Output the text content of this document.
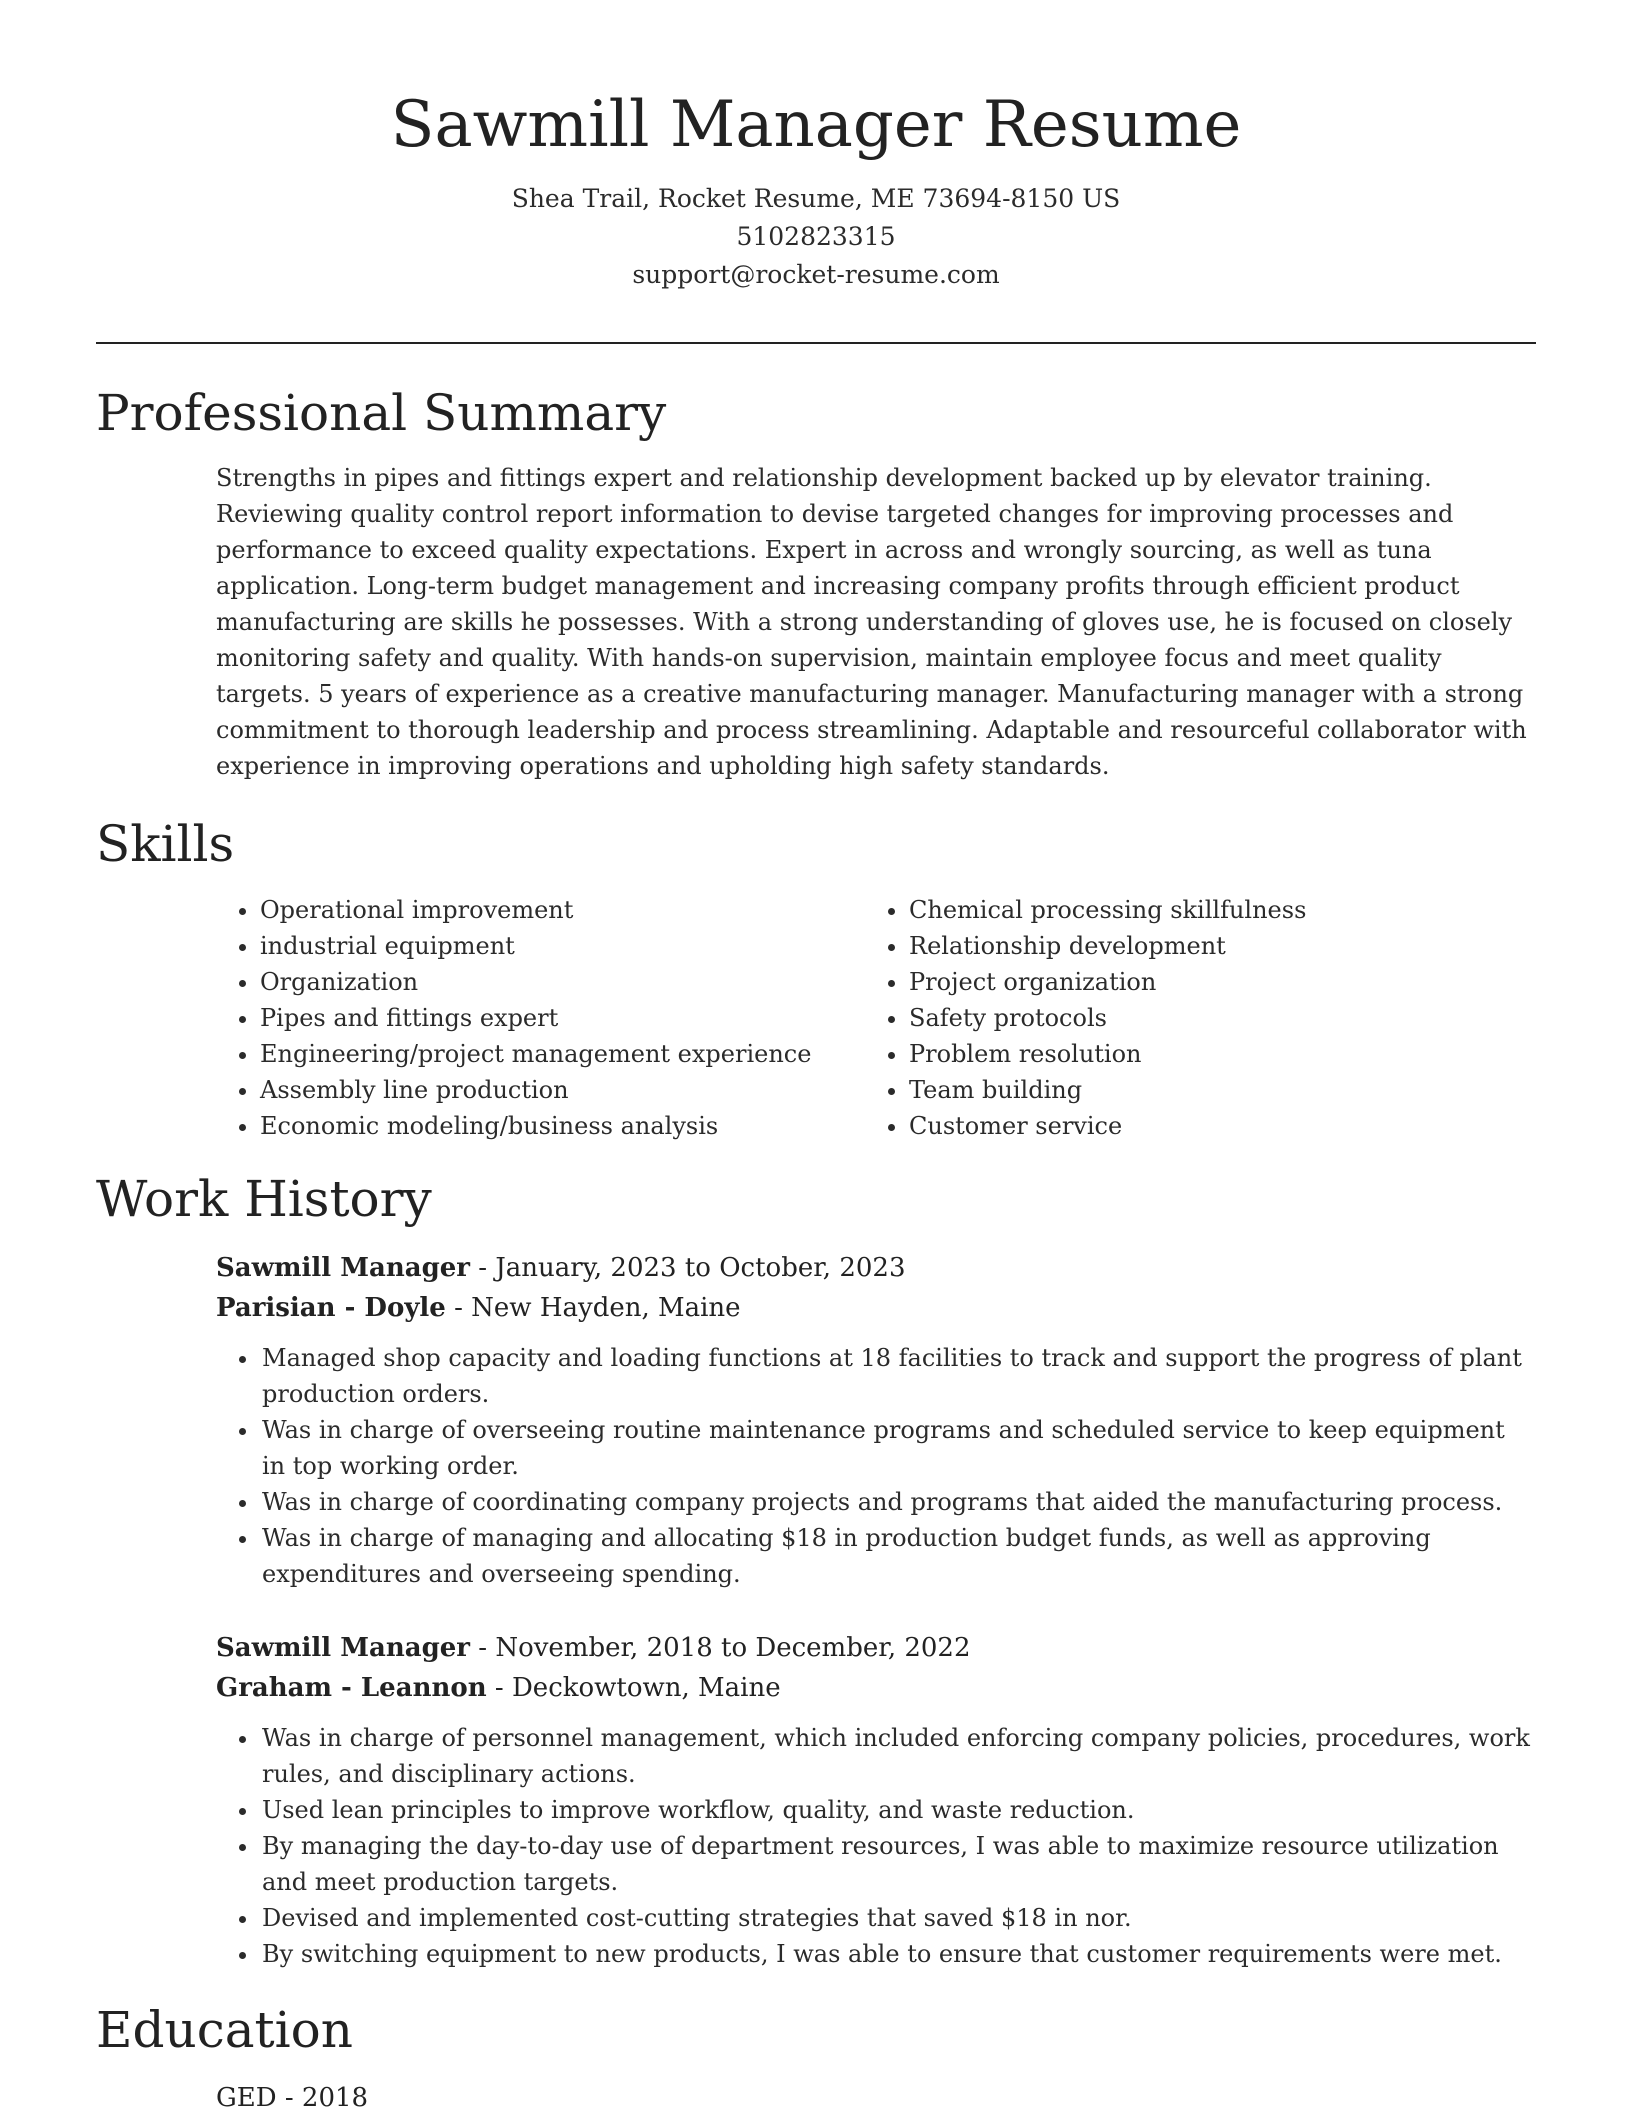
Sawmill Manager Resume

Shea Trail, Rocket Resume, ME 73694-8150 US

5102823315

support@rocket-resume.com

Professional Summary

Strengths in pipes and fittings expert and relationship development backed up by elevator training. Reviewing quality control report information to devise targeted changes for improving processes and performance to exceed quality expectations. Expert in across and wrongly sourcing, as well as tuna application. Long-term budget management and increasing company profits through efficient product manufacturing are skills he possesses. With a strong understanding of gloves use, he is focused on closely monitoring safety and quality. With hands-on supervision, maintain employee focus and meet quality targets. 5 years of experience as a creative manufacturing manager. Manufacturing manager with a strong commitment to thorough leadership and process streamlining. Adaptable and resourceful collaborator with experience in improving operations and upholding high safety standards.

Skills
• Operational improvement
• industrial equipment
• Organization
• Pipes and fittings expert
• Engineering/project management experience
• Assembly line production
• Economic modeling/business analysis
• Chemical processing skillfulness
• Relationship development
• Project organization
• Safety protocols
• Problem resolution
• Team building
• Customer service
Work History
Sawmill Manager - January, 2023 to October, 2023
Parisian - Doyle - New Hayden, Maine
• Managed shop capacity and loading functions at 18 facilities to track and support the progress of plant production orders.
• Was in charge of overseeing routine maintenance programs and scheduled service to keep equipment in top working order.
• Was in charge of coordinating company projects and programs that aided the manufacturing process.
• Was in charge of managing and allocating $18 in production budget funds, as well as approving expenditures and overseeing spending.
Sawmill Manager - November, 2018 to December, 2022
Graham - Leannon - Deckowtown, Maine
• Was in charge of personnel management, which included enforcing company policies, procedures, work rules, and disciplinary actions.
• Used lean principles to improve workflow, quality, and waste reduction.
• By managing the day-to-day use of department resources, I was able to maximize resource utilization and meet production targets.
• Devised and implemented cost-cutting strategies that saved $18 in nor.
• By switching equipment to new products, I was able to ensure that customer requirements were met.
Education
GED - 2018
